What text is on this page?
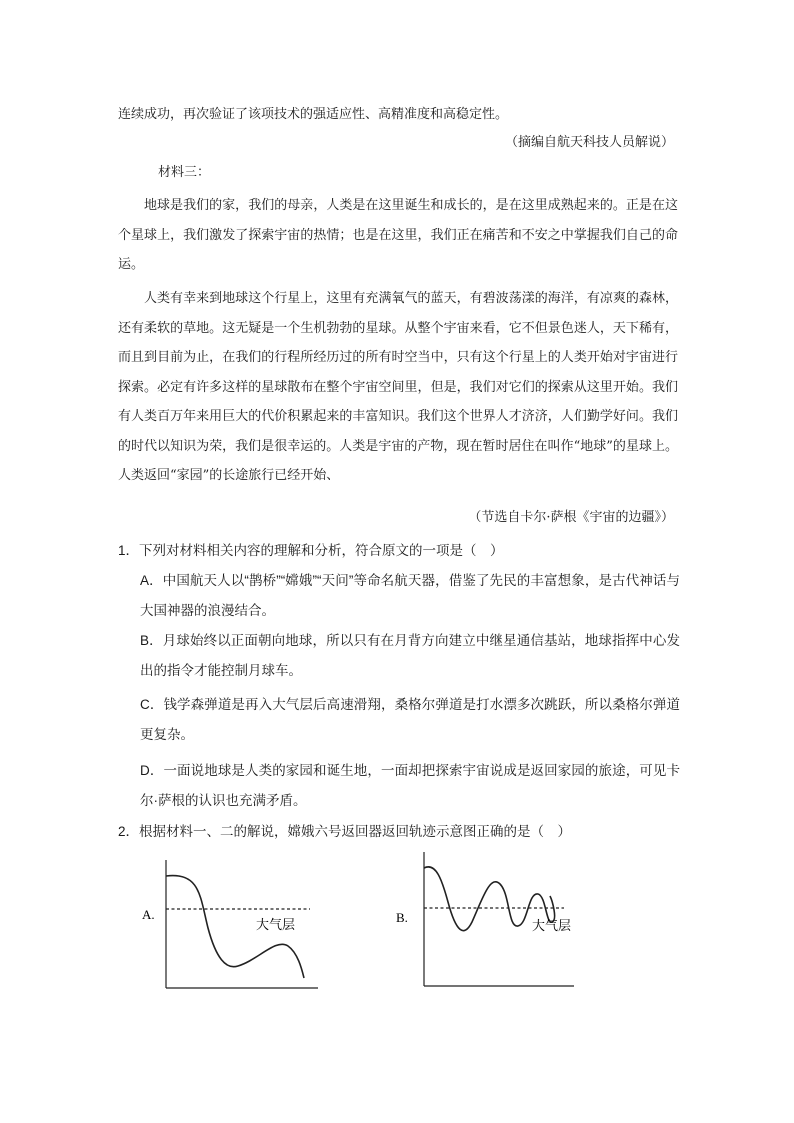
连续成功，再次验证了该项技术的强适应性、高精准度和高稳定性。

（摘编自航天科技人员解说）

材料三：

地球是我们的家，我们的母亲，人类是在这里诞生和成长的，是在这里成熟起来的。正是在这个星球上，我们激发了探索宇宙的热情；也是在这里，我们正在痛苦和不安之中掌握我们自己的命运。

人类有幸来到地球这个行星上，这里有充满氧气的蓝天，有碧波荡漾的海洋，有凉爽的森林，还有柔软的草地。这无疑是一个生机勃勃的星球。从整个宇宙来看，它不但景色迷人，天下稀有，而且到目前为止，在我们的行程所经历过的所有时空当中，只有这个行星上的人类开始对宇宙进行探索。必定有许多这样的星球散布在整个宇宙空间里，但是，我们对它们的探索从这里开始。我们有人类百万年来用巨大的代价积累起来的丰富知识。我们这个世界人才济济，人们勤学好问。我们的时代以知识为荣，我们是很幸运的。人类是宇宙的产物，现在暂时居住在叫作“地球”的星球上。人类返回“家园”的长途旅行已经开始、

（节选自卡尔·萨根《宇宙的边疆》）

1．下列对材料相关内容的理解和分析，符合原文的一项是（　）

A．中国航天人以“鹊桥”“嫦娥”“天问”等命名航天器，借鉴了先民的丰富想象，是古代神话与大国神器的浪漫结合。

B．月球始终以正面朝向地球，所以只有在月背方向建立中继星通信基站，地球指挥中心发出的指令才能控制月球车。

C．钱学森弹道是再入大气层后高速滑翔，桑格尔弹道是打水漂多次跳跃，所以桑格尔弹道更复杂。

D．一面说地球是人类的家园和诞生地，一面却把探索宇宙说成是返回家园的旅途，可见卡尔·萨根的认识也充满矛盾。

2．根据材料一、二的解说，嫦娥六号返回器返回轨迹示意图正确的是（　）

A.
大气层	B.
大气层
